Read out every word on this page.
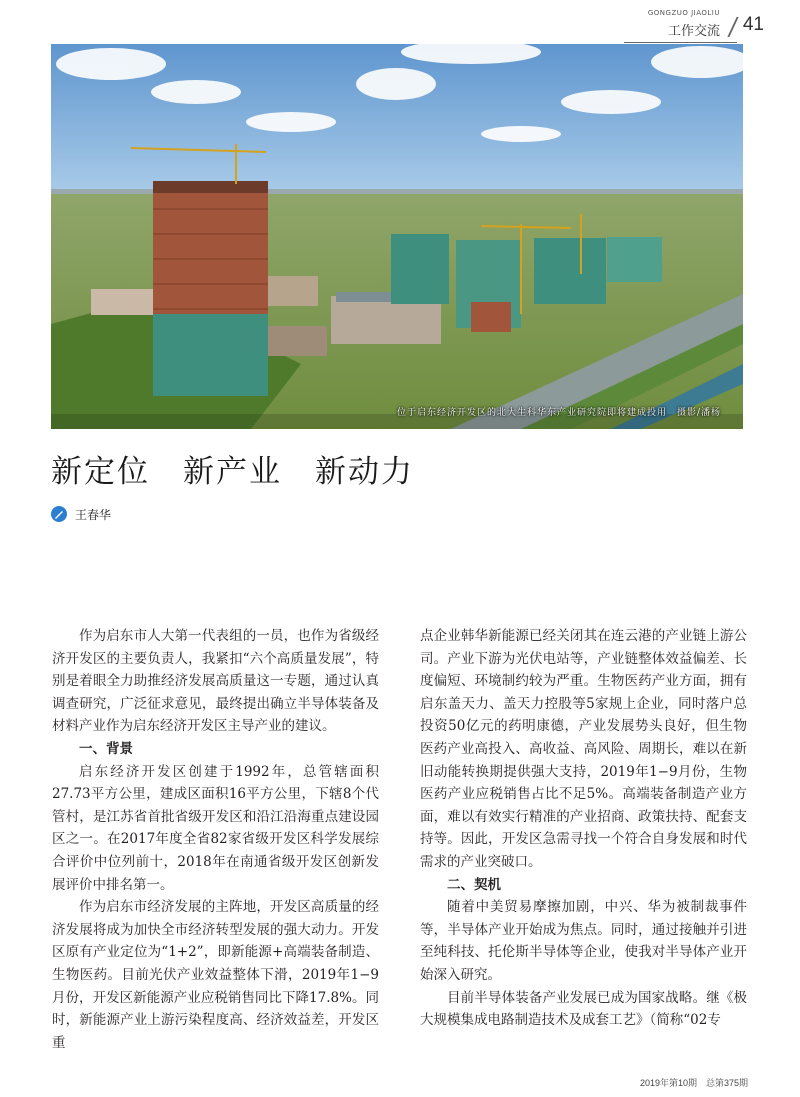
GONGZUO JIAOLIU
工作交流 41
位于启东经济开发区的北大生科华东产业研究院即将建成投用　摄影/潘杨
新定位　新产业　新动力
王春华

作为启东市人大第一代表组的一员，也作为省级经济开发区的主要负责人，我紧扣“六个高质量发展”，特别是着眼全力助推经济发展高质量这一专题，通过认真调查研究，广泛征求意见，最终提出确立半导体装备及材料产业作为启东经济开发区主导产业的建议。

一、背景

启东经济开发区创建于1992年，总管辖面积27.73平方公里，建成区面积16平方公里，下辖8个代管村，是江苏省首批省级开发区和沿江沿海重点建设园区之一。在2017年度全省82家省级开发区科学发展综合评价中位列前十，2018年在南通省级开发区创新发展评价中排名第一。

作为启东市经济发展的主阵地，开发区高质量的经济发展将成为加快全市经济转型发展的强大动力。开发区原有产业定位为“1+2”，即新能源+高端装备制造、生物医药。目前光伏产业效益整体下滑，2019年1−9月份，开发区新能源产业应税销售同比下降17.8%。同时，新能源产业上游污染程度高、经济效益差，开发区重

点企业韩华新能源已经关闭其在连云港的产业链上游公司。产业下游为光伏电站等，产业链整体效益偏差、长度偏短、环境制约较为严重。生物医药产业方面，拥有启东盖天力、盖天力控股等5家规上企业，同时落户总投资50亿元的药明康德，产业发展势头良好，但生物医药产业高投入、高收益、高风险、周期长，难以在新旧动能转换期提供强大支持，2019年1−9月份，生物医药产业应税销售占比不足5%。高端装备制造产业方面，难以有效实行精准的产业招商、政策扶持、配套支持等。因此，开发区急需寻找一个符合自身发展和时代需求的产业突破口。

二、契机

随着中美贸易摩擦加剧，中兴、华为被制裁事件等，半导体产业开始成为焦点。同时，通过接触并引进至纯科技、托伦斯半导体等企业，使我对半导体产业开始深入研究。

目前半导体装备产业发展已成为国家战略。继《极大规模集成电路制造技术及成套工艺》（简称“02专

2019年第10期　总第375期
